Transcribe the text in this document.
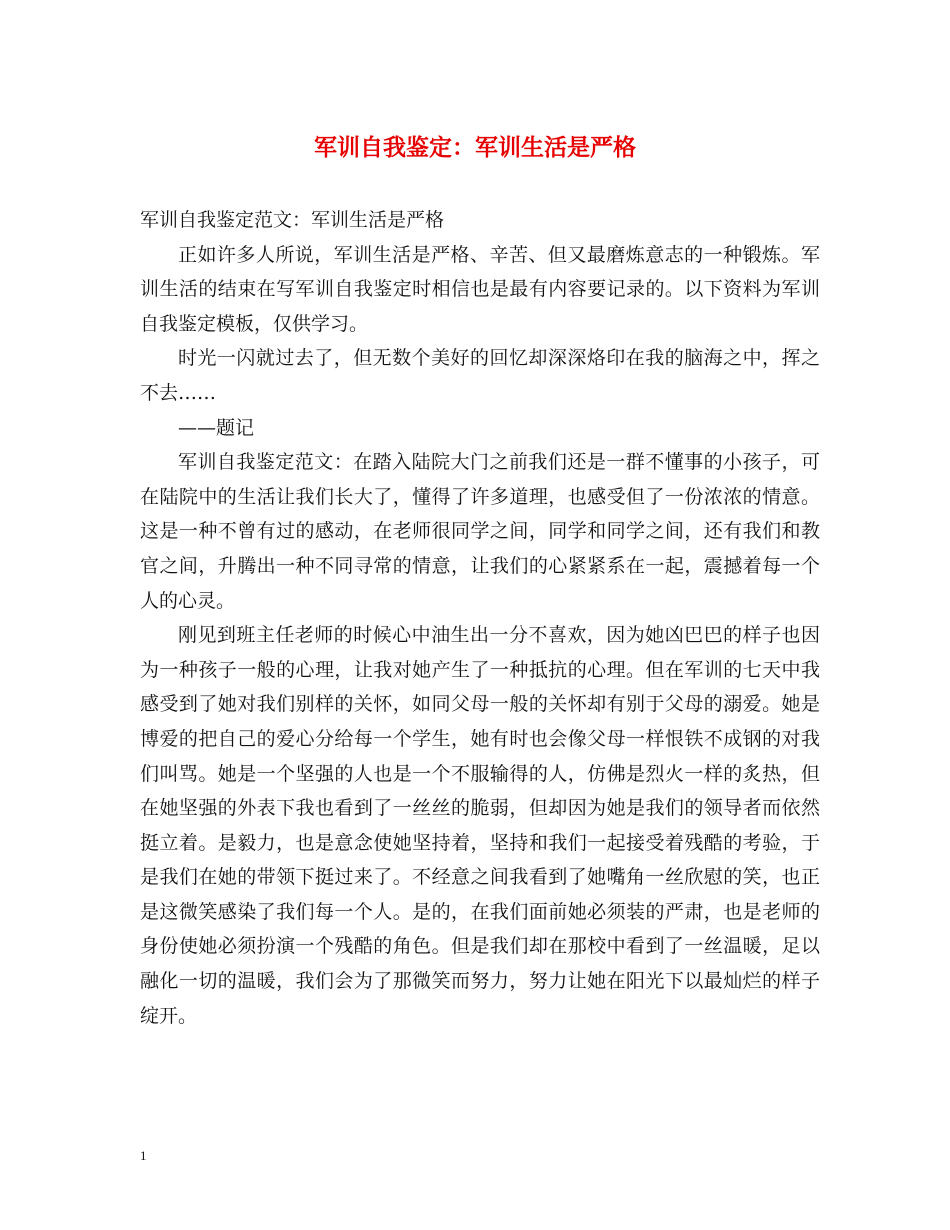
军训自我鉴定：军训生活是严格

军训自我鉴定范文：军训生活是严格

正如许多人所说，军训生活是严格、辛苦、但又最磨炼意志的一种锻炼。军训生活的结束在写军训自我鉴定时相信也是最有内容要记录的。以下资料为军训自我鉴定模板，仅供学习。

时光一闪就过去了，但无数个美好的回忆却深深烙印在我的脑海之中，挥之不去……

——题记

军训自我鉴定范文：在踏入陆院大门之前我们还是一群不懂事的小孩子，可在陆院中的生活让我们长大了，懂得了许多道理，也感受但了一份浓浓的情意。这是一种不曾有过的感动，在老师很同学之间，同学和同学之间，还有我们和教官之间，升腾出一种不同寻常的情意，让我们的心紧紧系在一起，震撼着每一个人的心灵。

刚见到班主任老师的时候心中油生出一分不喜欢，因为她凶巴巴的样子也因为一种孩子一般的心理，让我对她产生了一种抵抗的心理。但在军训的七天中我感受到了她对我们别样的关怀，如同父母一般的关怀却有别于父母的溺爱。她是博爱的把自己的爱心分给每一个学生，她有时也会像父母一样恨铁不成钢的对我们叫骂。她是一个坚强的人也是一个不服输得的人，仿佛是烈火一样的炙热，但在她坚强的外表下我也看到了一丝丝的脆弱，但却因为她是我们的领导者而依然挺立着。是毅力，也是意念使她坚持着，坚持和我们一起接受着残酷的考验，于是我们在她的带领下挺过来了。不经意之间我看到了她嘴角一丝欣慰的笑，也正是这微笑感染了我们每一个人。是的，在我们面前她必须装的严肃，也是老师的身份使她必须扮演一个残酷的角色。但是我们却在那校中看到了一丝温暖，足以融化一切的温暖，我们会为了那微笑而努力，努力让她在阳光下以最灿烂的样子绽开。

1
